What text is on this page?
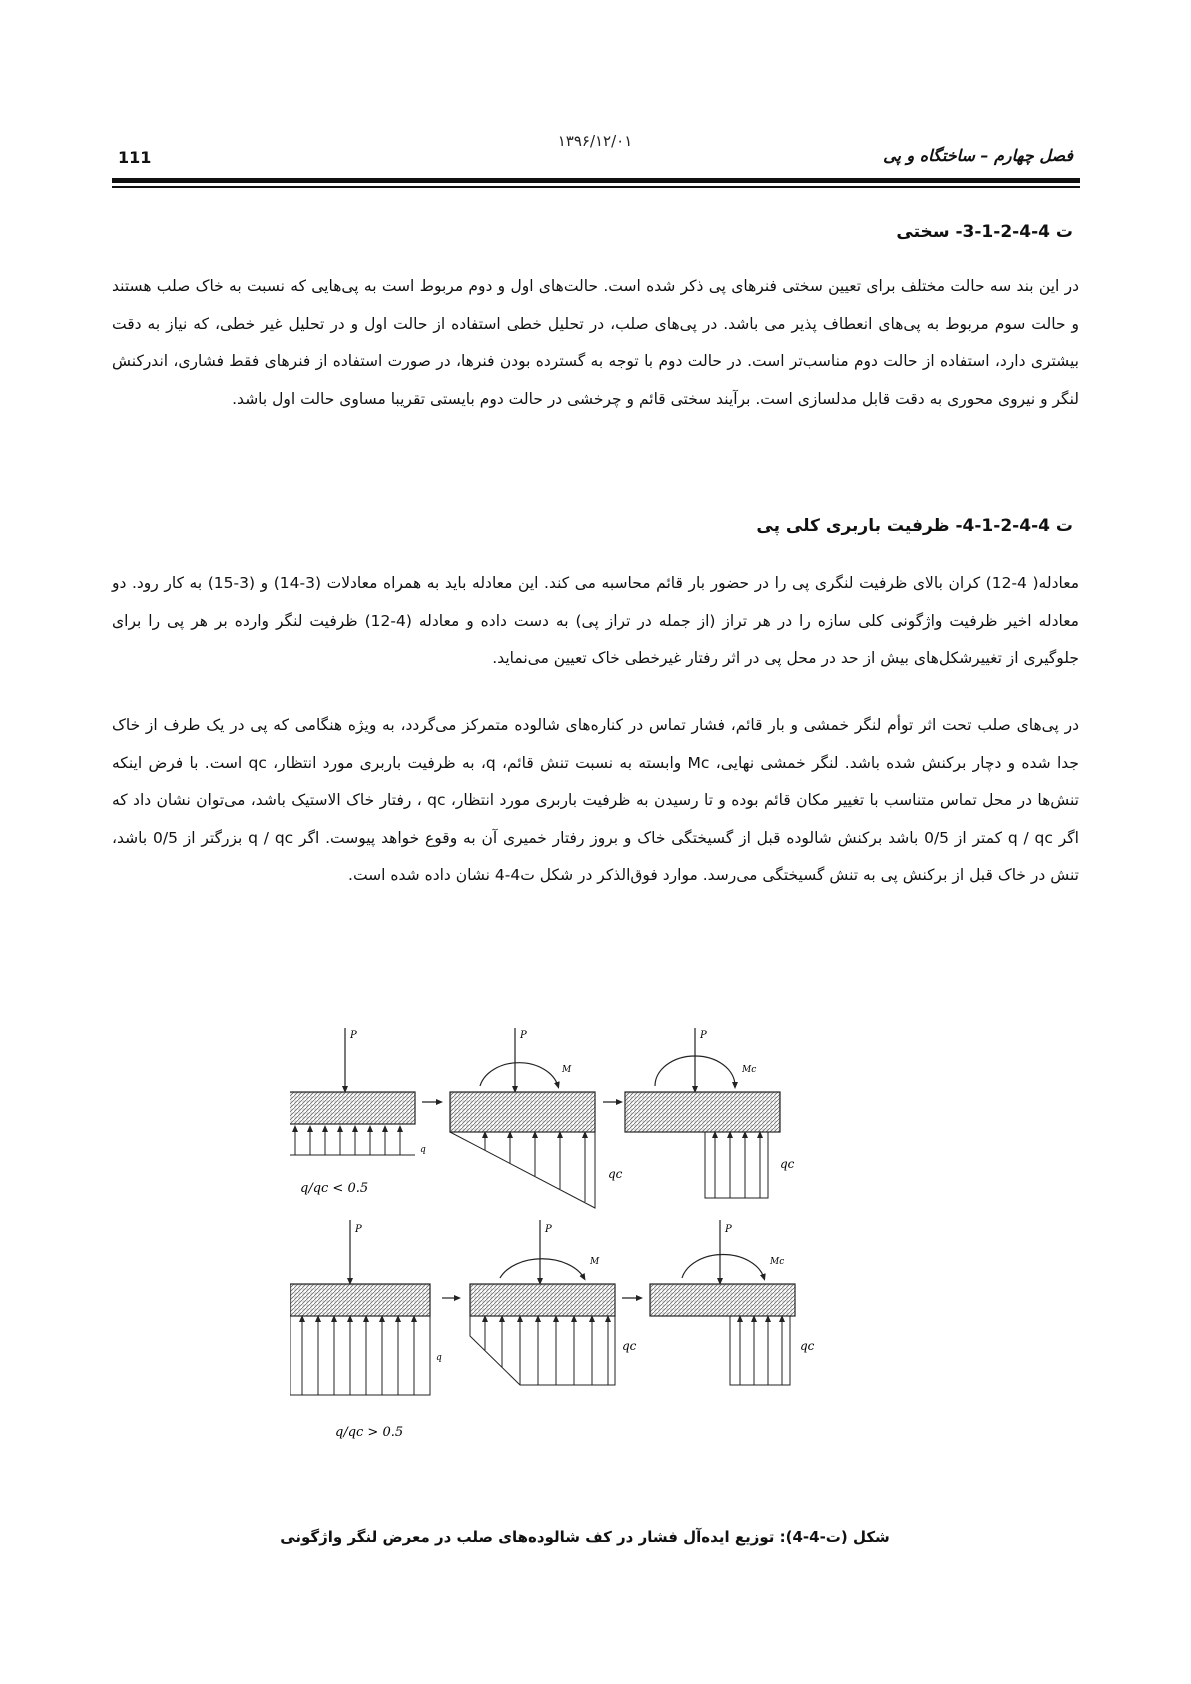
۱۳۹۶/۱۲/۰۱
111	فصل چهارم – ساختگاه و پی
ت 4-4-2-1-3- سختی
در این بند سه حالت مختلف برای تعیین سختی فنرهای پی ذکر شده است. حالت‌های اول و دوم مربوط است به پی‌هایی که نسبت به خاک صلب هستند و حالت سوم مربوط به پی‌های انعطاف پذیر می باشد. در پی‌های صلب، در تحلیل خطی استفاده از حالت اول و در تحلیل غیر خطی، که نیاز به دقت بیشتری دارد، استفاده از حالت دوم مناسب‌تر است. در حالت دوم با توجه به گسترده بودن فنرها، در صورت استفاده از فنرهای فقط فشاری، اندرکنش لنگر و نیروی محوری به دقت قابل مدلسازی است. برآیند سختی قائم و چرخشی در حالت دوم بایستی تقریبا مساوی حالت اول باشد.
ت 4-4-2-1-4- ظرفیت باربری کلی پی
معادله( 4-12) کران بالای ظرفیت لنگری پی را در حضور بار قائم محاسبه می کند. این معادله باید به همراه معادلات (3-14) و (3-15) به کار رود. دو معادله اخیر ظرفیت واژگونی کلی سازه را در هر تراز (از جمله در تراز پی) به دست داده و معادله (4-12) ظرفیت لنگر وارده بر هر پی را برای جلوگیری از تغییرشکل‌های بیش از حد در محل پی در اثر رفتار غیرخطی خاک تعیین می‌نماید.
در پی‌های صلب تحت اثر توأم لنگر خمشی و بار قائم، فشار تماس در کناره‌های شالوده متمرکز می‌گردد، به ویژه هنگامی که پی در یک طرف از خاک جدا شده و دچار برکنش شده باشد. لنگر خمشی نهایی، Mc وابسته به نسبت تنش قائم، q، به ظرفیت باربری مورد انتظار، qc است. با فرض اینکه تنش‌ها در محل تماس متناسب با تغییر مکان قائم بوده و تا رسیدن به ظرفیت باربری مورد انتظار، qc ، رفتار خاک الاستیک باشد، می‌توان نشان داد که اگر q / qc کمتر از 0/5 باشد برکنش شالوده قبل از گسیختگی خاک و بروز رفتار خمیری آن به وقوع خواهد پیوست. اگر q / qc بزرگتر از 0/5 باشد، تنش در خاک قبل از برکنش پی به تنش گسیختگی می‌رسد. موارد فوق‌الذکر در شکل ت4-4 نشان داده شده است.
P
q
q/qc < 0.5
P
M
qc
P
Mc
qc
P
q
q/qc > 0.5
P
M
qc
P
Mc
qc
شکل (ت-4-4): توزیع ایده‌آل فشار در کف شالوده‌های صلب در معرض لنگر واژگونی
